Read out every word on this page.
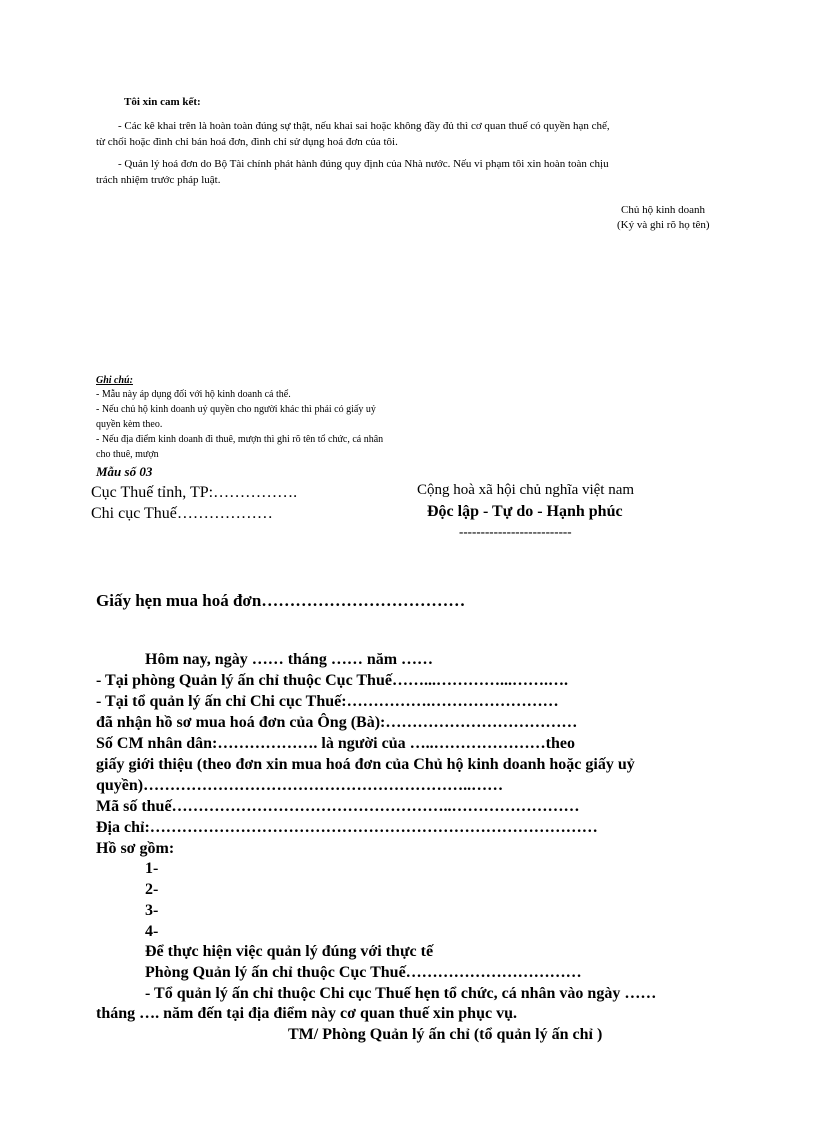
Tôi xin cam kết:
- Các kê khai trên là hoàn toàn đúng sự thật, nếu khai sai hoặc không đầy đủ thì cơ quan thuế có quyền hạn chế,
từ chối hoặc đình chỉ bán hoá đơn, đình chỉ sử dụng hoá đơn của tôi.
- Quản lý hoá đơn do Bộ Tài chính phát hành đúng quy định của Nhà nước. Nếu vi phạm tôi xin hoàn toàn chịu
trách nhiệm trước pháp luật.
Chủ hộ kinh doanh
(Ký và ghi rõ họ tên)
Ghi chú:
- Mẫu này áp dụng đối với hộ kinh doanh cá thể.
- Nếu chủ hộ kinh doanh uỷ quyền cho người khác thì phải có giấy uỷ
quyền kèm theo.
- Nếu địa điểm kinh doanh đi thuê, mượn thì ghi rõ tên tổ chức, cá nhân
cho thuê, mượn
Mẫu số 03
Cục Thuế tỉnh, TP:…………….
Chi cục Thuế………………
Cộng hoà xã hội chủ nghĩa việt nam
Độc lập - Tự do - Hạnh phúc
--------------------------
Giấy hẹn mua hoá đơn………………………………
Hôm nay, ngày …… tháng …… năm ……
- Tại phòng Quản lý ấn chỉ thuộc Cục Thuế……...…………...…….….
- Tại tổ quản lý ấn chỉ Chi cục Thuế:…………….……………………
đã nhận hồ sơ mua hoá đơn của Ông (Bà):………………………………
Số CM nhân dân:………………. là người của …..…………………theo
giấy giới thiệu (theo đơn xin mua hoá đơn của Chủ hộ kinh doanh hoặc giấy uỷ
quyền)……………………………………………………..……
Mã số thuế……………………………………………..……………………
Địa chỉ:…………………………………………………………………………
Hồ sơ gồm:
1-
2-
3-
4-
Để thực hiện việc quản lý đúng với thực tế
Phòng Quản lý ấn chỉ thuộc Cục Thuế……………………………
- Tổ quản lý ấn chỉ thuộc Chi cục Thuế hẹn tổ chức, cá nhân vào ngày ……
tháng …. năm đến tại địa điểm này cơ quan thuế xin phục vụ.
TM/ Phòng Quản lý ấn chỉ (tổ quản lý ấn chỉ )
